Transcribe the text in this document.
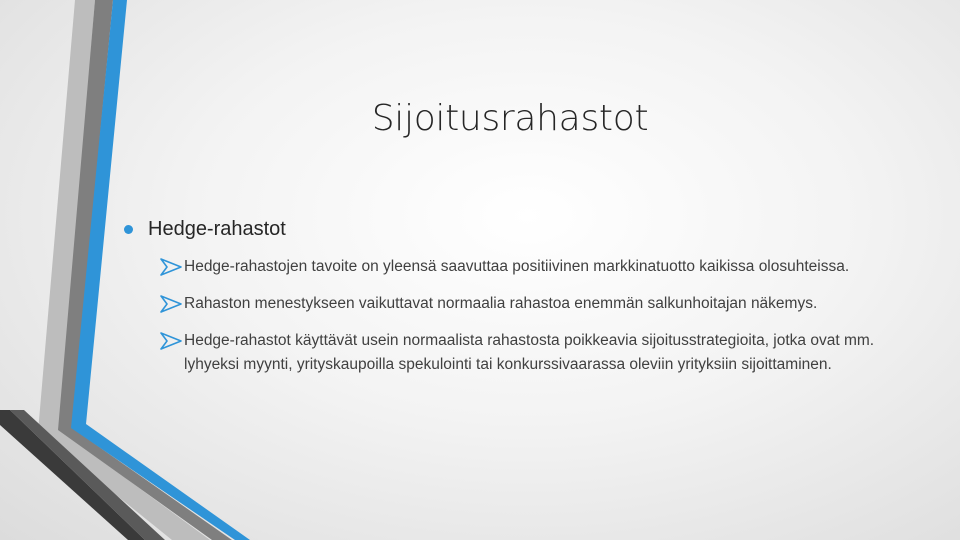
Sijoitusrahastot
Hedge-rahastot
Hedge-rahastojen tavoite on yleensä saavuttaa positiivinen markkinatuotto kaikissa olosuhteissa.
Rahaston menestykseen vaikuttavat normaalia rahastoa enemmän salkunhoitajan näkemys.
Hedge-rahastot käyttävät usein normaalista rahastosta poikkeavia sijoitusstrategioita, jotka ovat mm. lyhyeksi myynti, yrityskaupoilla spekulointi tai konkurssivaarassa oleviin yrityksiin sijoittaminen.
